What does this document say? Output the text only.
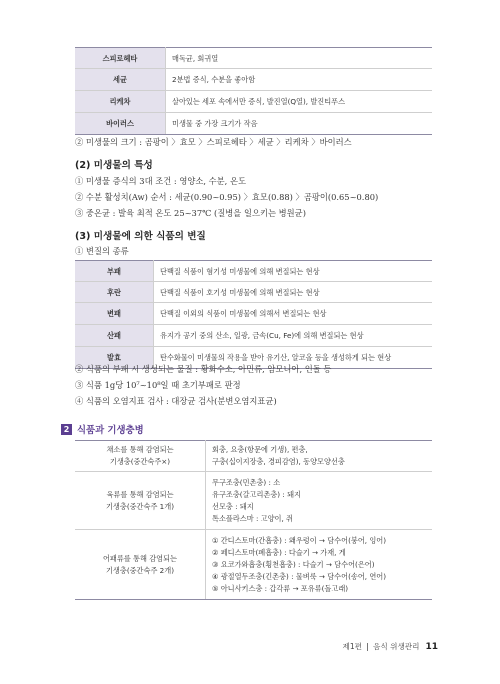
스피로헤타	매독균, 회귀열
세균	2분법 증식, 수분을 좋아함
리케차	살아있는 세포 속에서만 증식, 발진열(Q열), 발진티푸스
바이러스	미생물 중 가장 크기가 작음
② 미생물의 크기 : 곰팡이 〉효모 〉스피로헤타 〉세균 〉리케차 〉바이러스
(2) 미생물의 특성
① 미생물 증식의 3대 조건 : 영양소, 수분, 온도
② 수분 활성치(Aw) 순서 : 세균(0.90~0.95) 〉효모(0.88) 〉곰팡이(0.65~0.80)
③ 중온균 : 발육 최적 온도 25~37℃ (질병을 일으키는 병원균)
(3) 미생물에 의한 식품의 변질
① 변질의 종류
부패	단백질 식품이 혐기성 미생물에 의해 변질되는 현상
후란	단백질 식품이 호기성 미생물에 의해 변질되는 현상
변패	단백질 이외의 식품이 미생물에 의해서 변질되는 현상
산패	유지가 공기 중의 산소, 일광, 금속(Cu, Fe)에 의해 변질되는 현상
발효	탄수화물이 미생물의 작용을 받아 유기산, 알코올 등을 생성하게 되는 현상
② 식품의 부패 시 생성되는 물질 : 황화수소, 아민류, 암모니아, 인돌 등
③ 식품 1g당 10⁷~10⁸일 때 초기부패로 판정
④ 식품의 오염지표 검사 : 대장균 검사(분변오염지표균)
2 식품과 기생충병
채소를 통해 감염되는
기생충(중간숙주×)	회충, 요충(항문에 기생), 편충,
구충(십이지장충, 경피감염), 동양모양선충

육류를 통해 감염되는
기생충(중간숙주 1개)	무구조충(민촌충) : 소
유구조충(갈고리촌충) : 돼지
선모충 : 돼지
톡소플라스마 : 고양이, 쥐

어패류를 통해 감염되는
기생충(중간숙주 2개)	① 간디스토마(간흡충) : 왜우렁이 → 담수어(붕어, 잉어)
② 페디스토마(폐흡충) : 다슬기 → 가재, 게
③ 요코가와흡충(횡천흡충) : 다슬기 → 담수어(은어)
④ 광절열두조충(긴촌충) : 물벼룩 → 담수어(송어, 연어)
⑤ 아니사키스충 : 갑각류 → 포유류(돌고래)
제1편 음식 위생관리 11
